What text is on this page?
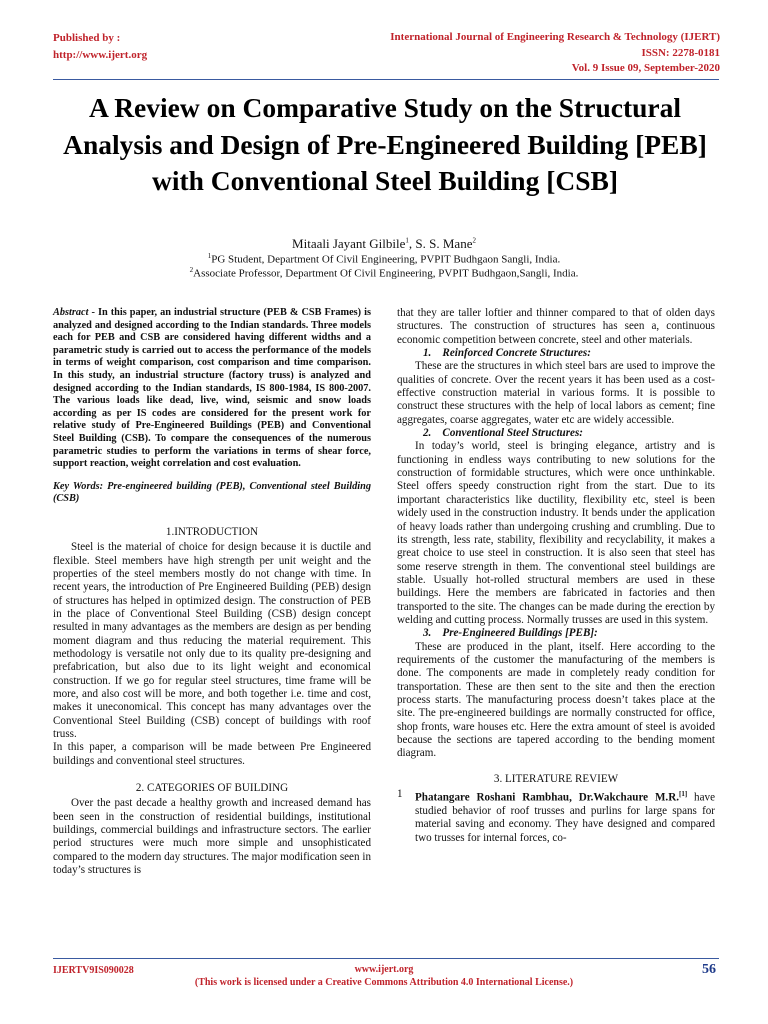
Published by :
http://www.ijert.org
International Journal of Engineering Research & Technology (IJERT)
ISSN: 2278-0181
Vol. 9 Issue 09, September-2020
A Review on Comparative Study on the Structural Analysis and Design of Pre-Engineered Building [PEB] with Conventional Steel Building [CSB]
Mitaali Jayant Gilbile$^1$, S. S. Mane$^2$
$^1$PG Student, Department Of Civil Engineering, PVPIT Budhgaon Sangli, India.
$^2$Associate Professor, Department Of Civil Engineering, PVPIT Budhgaon,Sangli, India.

Abstract - In this paper, an industrial structure (PEB & CSB Frames) is analyzed and designed according to the Indian standards. Three models each for PEB and CSB are considered having different widths and a parametric study is carried out to access the performance of the models in terms of weight comparison, cost comparison and time comparison. In this study, an industrial structure (factory truss) is analyzed and designed according to the Indian standards, IS 800-1984, IS 800-2007. The various loads like dead, live, wind, seismic and snow loads according as per IS codes are considered for the present work for relative study of Pre-Engineered Buildings (PEB) and Conventional Steel Building (CSB). To compare the consequences of the numerous parametric studies to perform the variations in terms of shear force, support reaction, weight correlation and cost evaluation.

Key Words: Pre-engineered building (PEB), Conventional steel Building (CSB)

1.INTRODUCTION

Steel is the material of choice for design because it is ductile and flexible. Steel members have high strength per unit weight and the properties of the steel members mostly do not change with time. In recent years, the introduction of Pre Engineered Building (PEB) design of structures has helped in optimized design. The construction of PEB in the place of Conventional Steel Building (CSB) design concept resulted in many advantages as the members are design as per bending moment diagram and thus reducing the material requirement. This methodology is versatile not only due to its quality pre-designing and prefabrication, but also due to its light weight and economical construction. If we go for regular steel structures, time frame will be more, and also cost will be more, and both together i.e. time and cost, makes it uneconomical. This concept has many advantages over the Conventional Steel Building (CSB) concept of buildings with roof truss.

In this paper, a comparison will be made between Pre Engineered buildings and conventional steel structures.

2. CATEGORIES OF BUILDING

Over the past decade a healthy growth and increased demand has been seen in the construction of residential buildings, institutional buildings, commercial buildings and infrastructure sectors. The earlier period structures were much more simple and unsophisticated compared to the modern day structures. The major modification seen in today’s structures is

that they are taller loftier and thinner compared to that of olden days structures. The construction of structures has seen a, continuous economic competition between concrete, steel and other materials.

1.    Reinforced Concrete Structures:

These are the structures in which steel bars are used to improve the qualities of concrete. Over the recent years it has been used as a cost-effective construction material in various forms. It is possible to construct these structures with the help of local labors as cement; fine aggregates, coarse aggregates, water etc are widely accessible.

2.    Conventional Steel Structures:

In today’s world, steel is bringing elegance, artistry and is functioning in endless ways contributing to new solutions for the construction of formidable structures, which were once unthinkable. Steel offers speedy construction right from the start. Due to its important characteristics like ductility, flexibility etc, steel is been widely used in the construction industry. It bends under the application of heavy loads rather than undergoing crushing and crumbling. Due to its strength, less rate, stability, flexibility and recyclability, it makes a great choice to use steel in construction. It is also seen that steel has some reserve strength in them. The conventional steel buildings are stable. Usually hot-rolled structural members are used in these buildings. Here the members are fabricated in factories and then transported to the site. The changes can be made during the erection by welding and cutting process. Normally trusses are used in this system.

3.    Pre-Engineered Buildings [PEB]:

These are produced in the plant, itself. Here according to the requirements of the customer the manufacturing of the members is done. The components are made in completely ready condition for transportation. These are then sent to the site and then the erection process starts. The manufacturing process doesn’t takes place at the site. The pre-engineered buildings are normally constructed for office, shop fronts, ware houses etc. Here the extra amount of steel is avoided because the sections are tapered according to the bending moment diagram.

3. LITERATURE REVIEW

1	Phatangare Roshani Rambhau, Dr.Wakchaure M.R.[1] have studied behavior of roof trusses and purlins for large spans for material saving and economy. They have designed and compared two trusses for internal forces, co-

IJERTV9IS090028	www.ijert.org
(This work is licensed under a Creative Commons Attribution 4.0 International License.)
56
